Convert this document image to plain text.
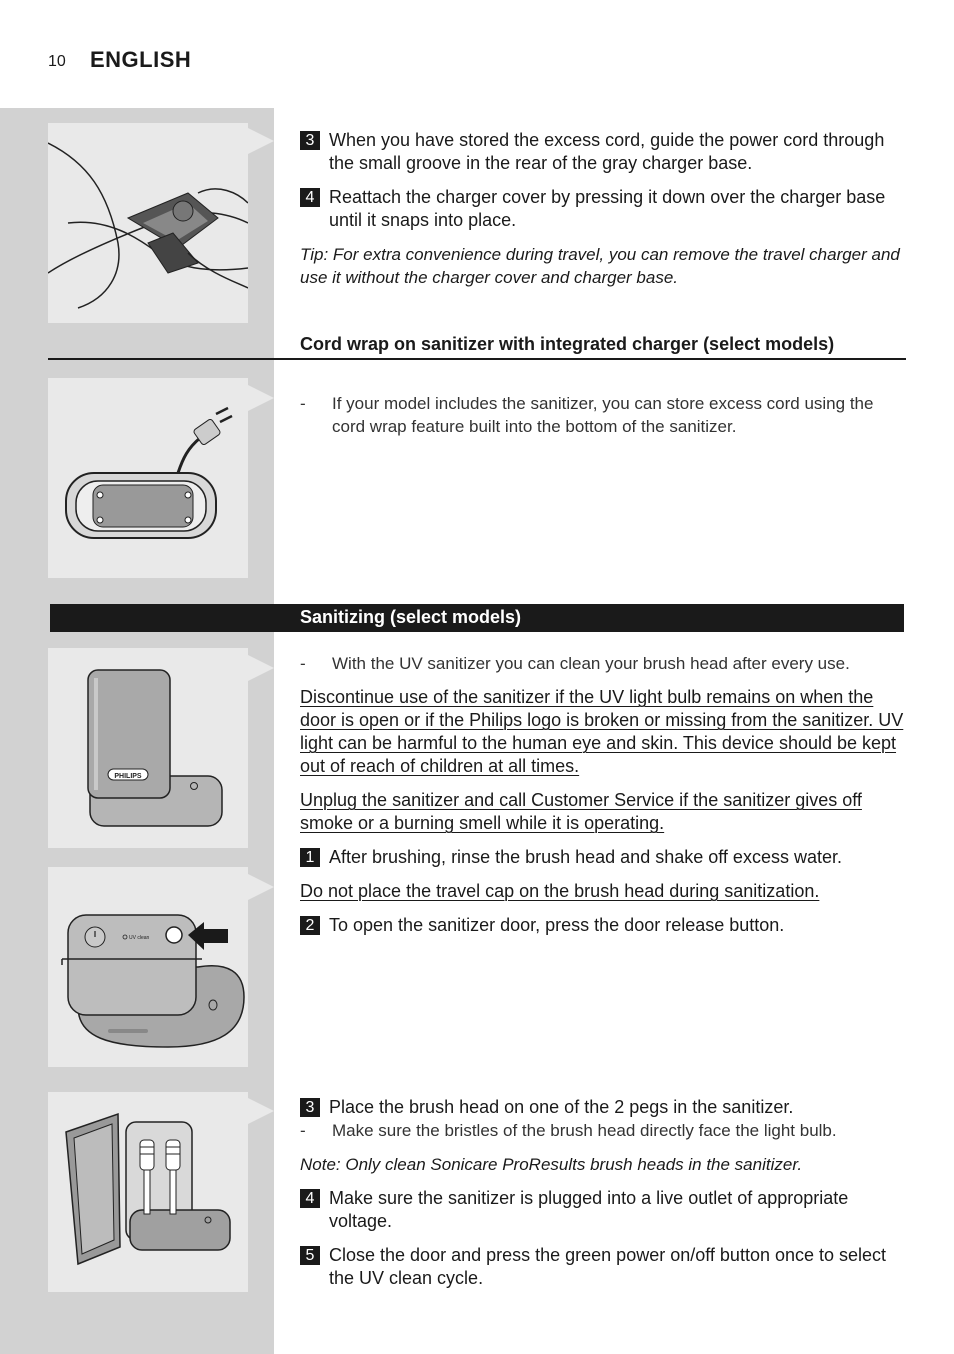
10 ENGLISH
3 When you have stored the excess cord, guide the power cord through the small groove in the rear of the gray charger base.
4 Reattach the charger cover by pressing it down over the charger base until it snaps into place.
Tip: For extra convenience during travel, you can remove the travel charger and use it without the charger cover and charger base.
Cord wrap on sanitizer with integrated charger (select models)
-	If your model includes the sanitizer, you can store excess cord using the cord wrap feature built into the bottom of the sanitizer.
Sanitizing (select models)
PHILIPS
-	With the UV sanitizer you can clean your brush head after every use.
Discontinue use of the sanitizer if the UV light bulb remains on when the door is open or if the Philips logo is broken or missing from the sanitizer. UV light can be harmful to the human eye and skin. This device should be kept out of reach of children at all times.
Unplug the sanitizer and call Customer Service if the sanitizer gives off smoke or a burning smell while it is operating.
1 After brushing, rinse the brush head and shake off excess water.
Do not place the travel cap on the brush head during sanitization.
2 To open the sanitizer door, press the door release button.
UV clean
3 Place the brush head on one of the 2 pegs in the sanitizer.
-	Make sure the bristles of the brush head directly face the light bulb.
Note: Only clean Sonicare ProResults brush heads in the sanitizer.
4 Make sure the sanitizer is plugged into a live outlet of appropriate voltage.
5 Close the door and press the green power on/off button once to select the UV clean cycle.
